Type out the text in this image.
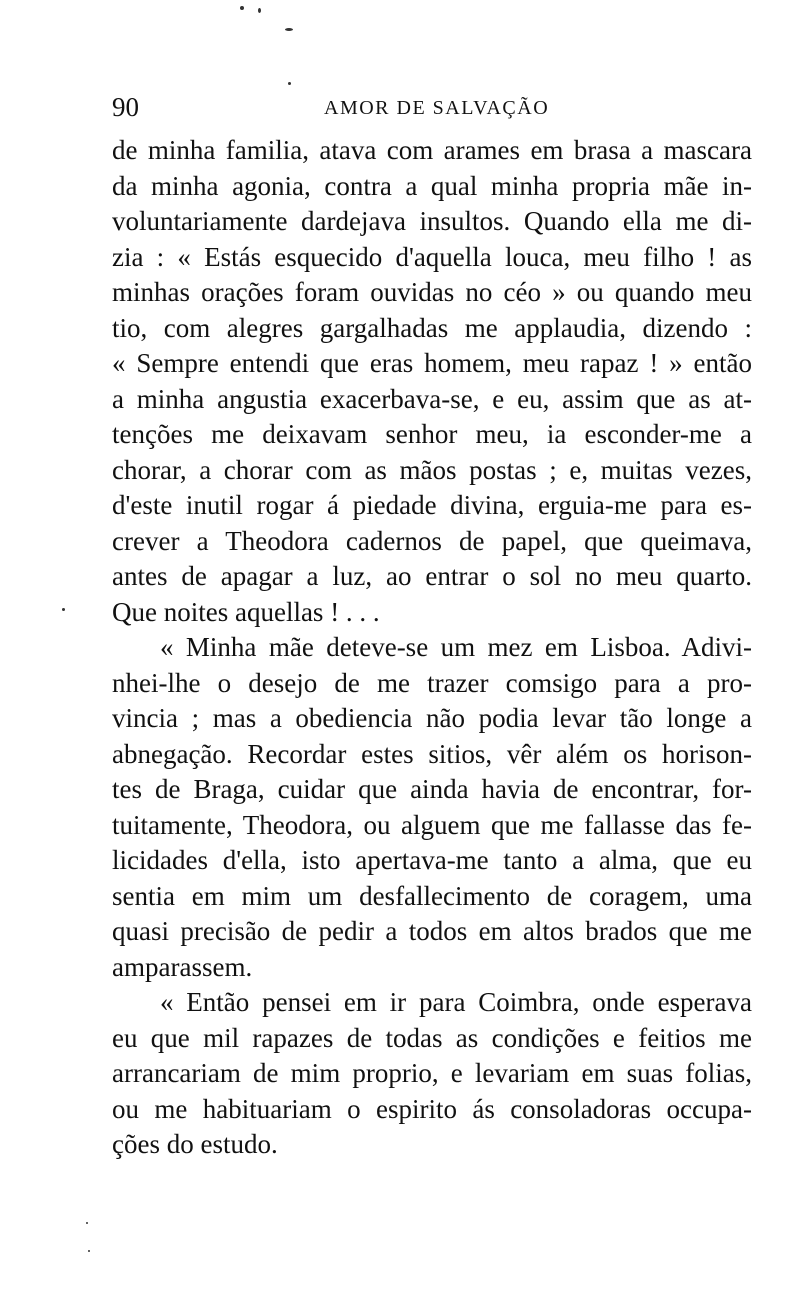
90	AMOR DE SALVAÇÃO
de minha familia, atava com arames em brasa a mascara
da minha agonia, contra a qual minha propria mãe in-
voluntariamente dardejava insultos. Quando ella me di-
zia : « Estás esquecido d'aquella louca, meu filho ! as
minhas orações foram ouvidas no céo » ou quando meu
tio, com alegres gargalhadas me applaudia, dizendo :
« Sempre entendi que eras homem, meu rapaz ! » então
a minha angustia exacerbava-se, e eu, assim que as at-
tenções me deixavam senhor meu, ia esconder-me a
chorar, a chorar com as mãos postas ; e, muitas vezes,
d'este inutil rogar á piedade divina, erguia-me para es-
crever a Theodora cadernos de papel, que queimava,
antes de apagar a luz, ao entrar o sol no meu quarto.
Que noites aquellas ! . . .
« Minha mãe deteve-se um mez em Lisboa. Adivi-
nhei-lhe o desejo de me trazer comsigo para a pro-
vincia ; mas a obediencia não podia levar tão longe a
abnegação. Recordar estes sitios, vêr além os horison-
tes de Braga, cuidar que ainda havia de encontrar, for-
tuitamente, Theodora, ou alguem que me fallasse das fe-
licidades d'ella, isto apertava-me tanto a alma, que eu
sentia em mim um desfallecimento de coragem, uma
quasi precisão de pedir a todos em altos brados que me
amparassem.
« Então pensei em ir para Coimbra, onde esperava
eu que mil rapazes de todas as condições e feitios me
arrancariam de mim proprio, e levariam em suas folias,
ou me habituariam o espirito ás consoladoras occupa-
ções do estudo.
